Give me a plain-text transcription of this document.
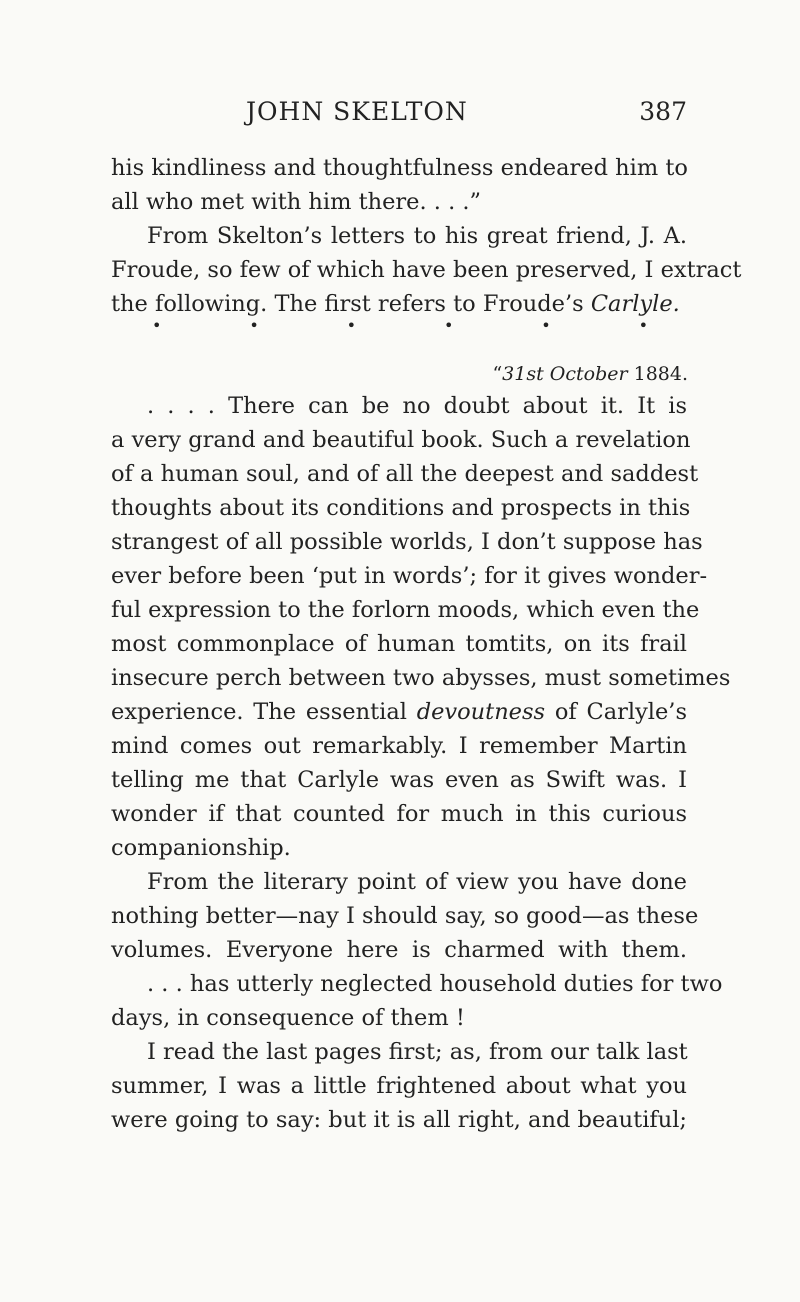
JOHN SKELTON	387
his kindliness and thoughtfulness endeared him to
all who met with him there. . . .”
From Skelton’s letters to his great friend, J. A.
Froude, so few of which have been preserved, I extract
the following. The first refers to Froude’s Carlyle.
•	•	•	•	•	•
“31st October 1884.
. . . . There can be no doubt about it. It is
a very grand and beautiful book. Such a revelation
of a human soul, and of all the deepest and saddest
thoughts about its conditions and prospects in this
strangest of all possible worlds, I don’t suppose has
ever before been ‘put in words’; for it gives wonder-
ful expression to the forlorn moods, which even the
most commonplace of human tomtits, on its frail
insecure perch between two abysses, must sometimes
experience. The essential devoutness of Carlyle’s
mind comes out remarkably. I remember Martin
telling me that Carlyle was even as Swift was. I
wonder if that counted for much in this curious
companionship.
From the literary point of view you have done
nothing better—nay I should say, so good—as these
volumes. Everyone here is charmed with them.
. . . has utterly neglected household duties for two
days, in consequence of them !
I read the last pages first; as, from our talk last
summer, I was a little frightened about what you
were going to say: but it is all right, and beautiful;
